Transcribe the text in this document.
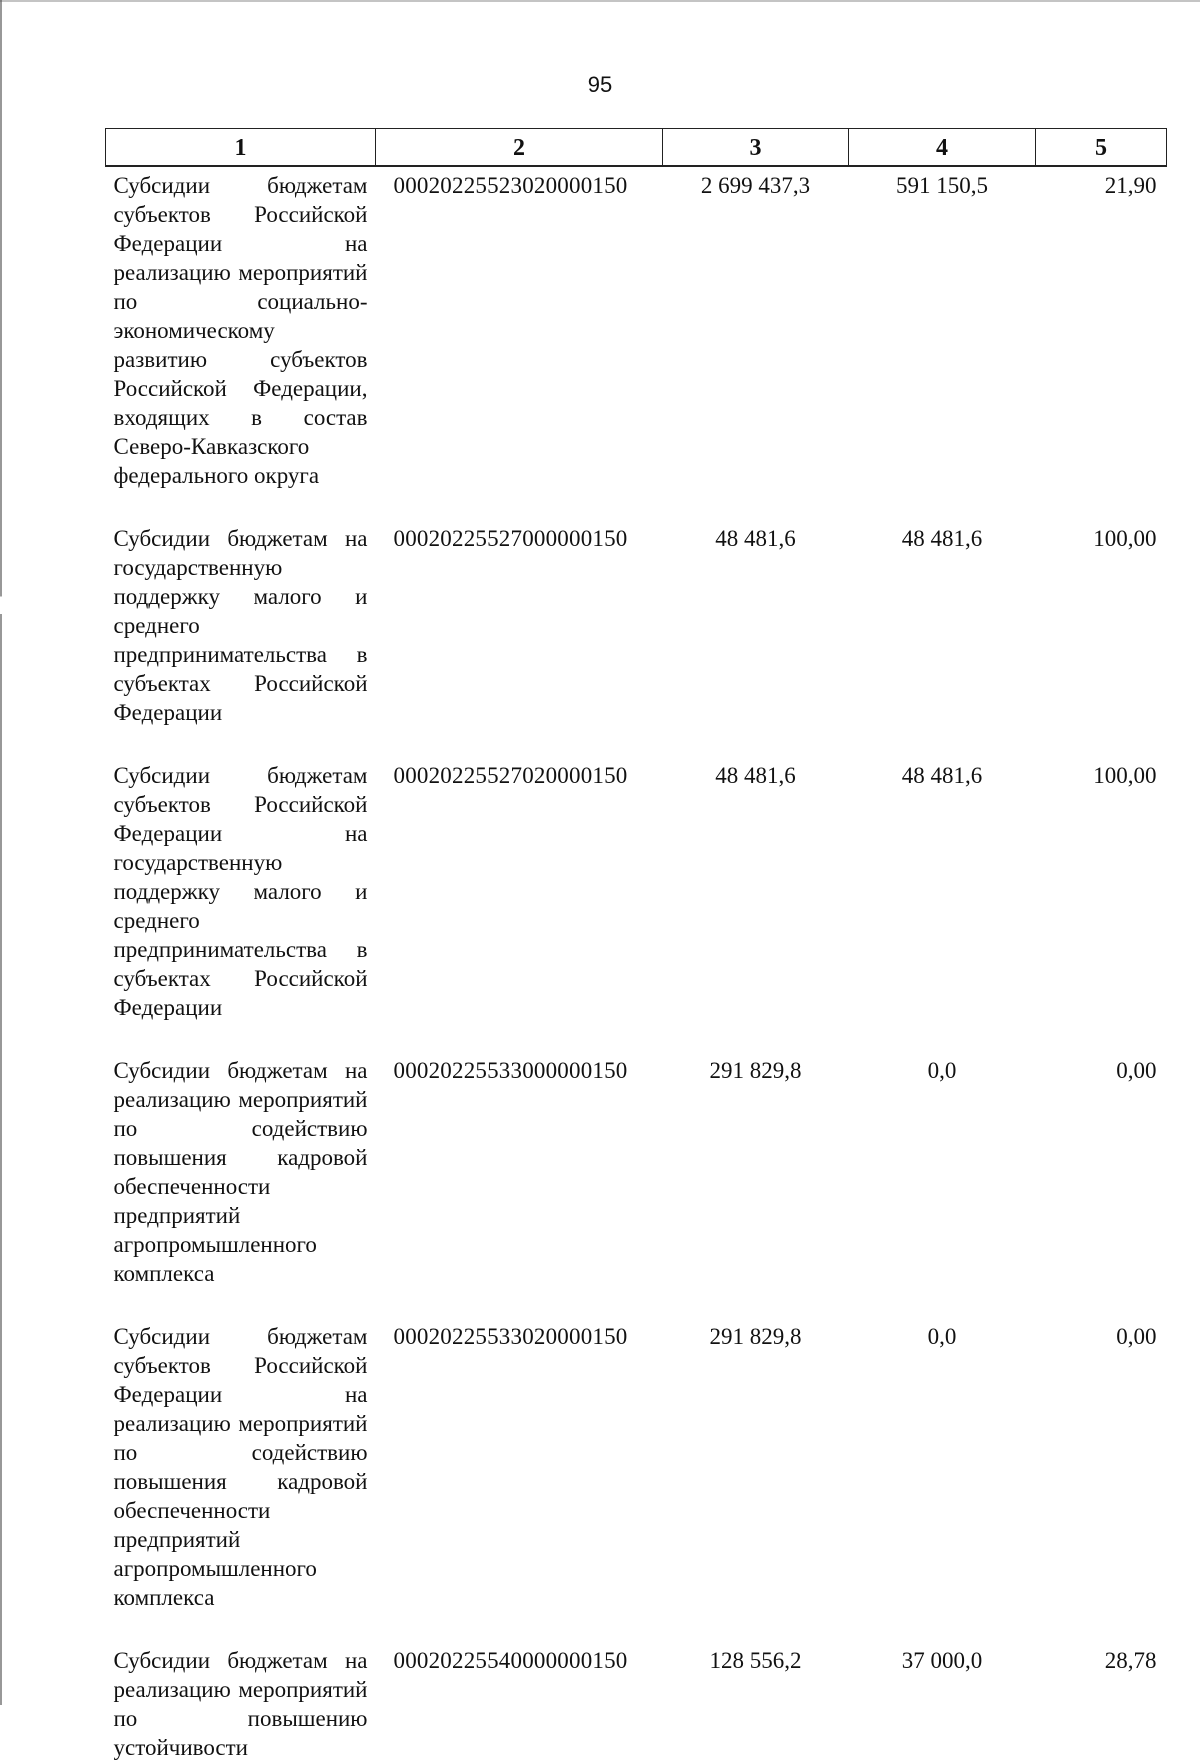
95
1	2	3	4	5
Субсидии бюджетам субъектов Российской Федерации на реализацию мероприятий по социально-экономическому развитию субъектов Российской Федерации, входящих в состав Северо-Кавказского федерального округа	00020225523020000150	2 699 437,3	591 150,5	21,90
Субсидии бюджетам на государственную поддержку малого и среднего предпринимательства в субъектах Российской Федерации	00020225527000000150	48 481,6	48 481,6	100,00
Субсидии бюджетам субъектов Российской Федерации на государственную поддержку малого и среднего предпринимательства в субъектах Российской Федерации	00020225527020000150	48 481,6	48 481,6	100,00
Субсидии бюджетам на реализацию мероприятий по содействию повышения кадровой обеспеченности предприятий агропромышленного комплекса	00020225533000000150	291 829,8	0,0	0,00
Субсидии бюджетам субъектов Российской Федерации на реализацию мероприятий по содействию повышения кадровой обеспеченности предприятий агропромышленного комплекса	00020225533020000150	291 829,8	0,0	0,00
Субсидии бюджетам на реализацию мероприятий по повышению устойчивости	00020225540000000150	128 556,2	37 000,0	28,78
